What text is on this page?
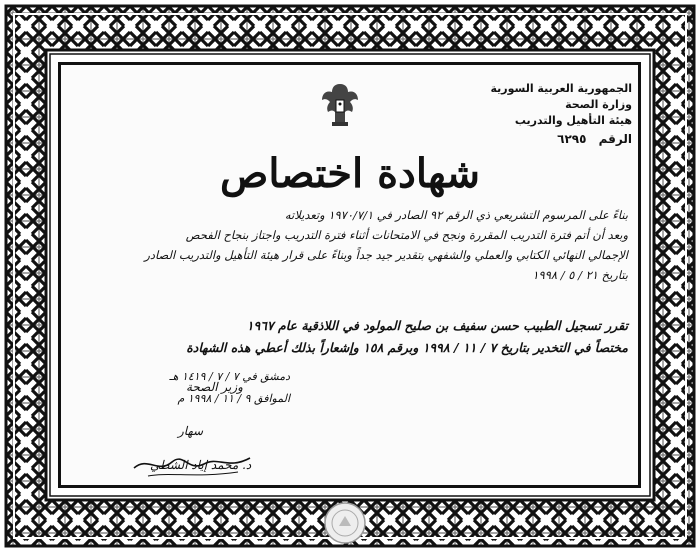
الجمهورية العربية السورية
وزارة الصحة
هيئة التأهيل والتدريب
الرقم ٦٢٩٥
شهادة اختصاص
بناءً على المرسوم التشريعي ذي الرقم ٩٢ الصادر في ١٩٧٠/٧/١ وتعديلاته
وبعد أن أتم فترة التدريب المقررة ونجح في الامتحانات أثناء فترة التدريب واجتاز بنجاح الفحص
الإجمالي النهائي الكتابي والعملي والشفهي بتقدير جيد جداً وبناءً على قرار هيئة التأهيل والتدريب الصادر
بتاريخ ٢١ / ٥ / ١٩٩٨
تقرر تسجيل الطبيب حسن سفيف بن صليح المولود في اللاذقية عام ١٩٦٧
مختصاً في التخدير بتاريخ ٧ / ١١ / ١٩٩٨ وبرقم ١٥٨ وإشعاراً بذلك أعطي هذه الشهادة
دمشق في ٧ / ٧ / ١٤١٩ هـ
الموافق ٩ / ١١ / ١٩٩٨ م
وزير الصحة
سهار
د. محمد إياد الشطي
